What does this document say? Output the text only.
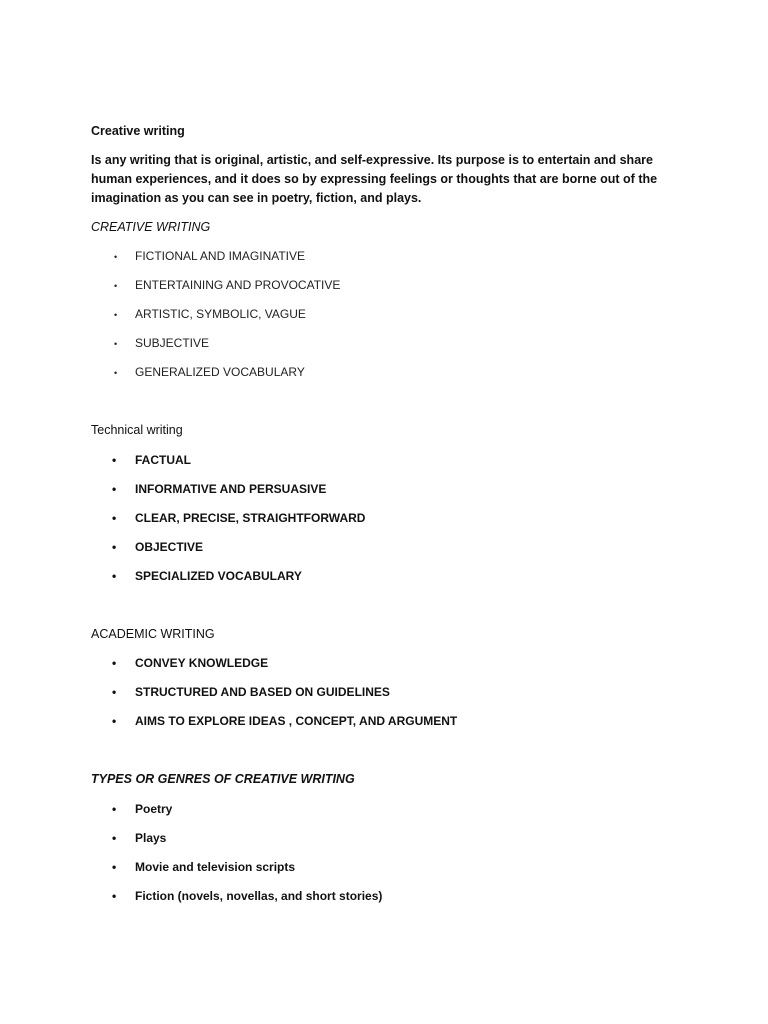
Creative writing
Is any writing that is original, artistic, and self-expressive. Its purpose is to entertain and share human experiences, and it does so by expressing feelings or thoughts that are borne out of the imagination as you can see in poetry, fiction, and plays.
CREATIVE WRITING
• FICTIONAL AND IMAGINATIVE
• ENTERTAINING AND PROVOCATIVE
• ARTISTIC, SYMBOLIC, VAGUE
• SUBJECTIVE
• GENERALIZED VOCABULARY
Technical writing
• FACTUAL
• INFORMATIVE AND PERSUASIVE
• CLEAR, PRECISE, STRAIGHTFORWARD
• OBJECTIVE
• SPECIALIZED VOCABULARY
ACADEMIC WRITING
• CONVEY KNOWLEDGE
• STRUCTURED AND BASED ON GUIDELINES
• AIMS TO EXPLORE IDEAS , CONCEPT, AND ARGUMENT
TYPES OR GENRES OF CREATIVE WRITING
• Poetry
• Plays
• Movie and television scripts
• Fiction (novels, novellas, and short stories)
